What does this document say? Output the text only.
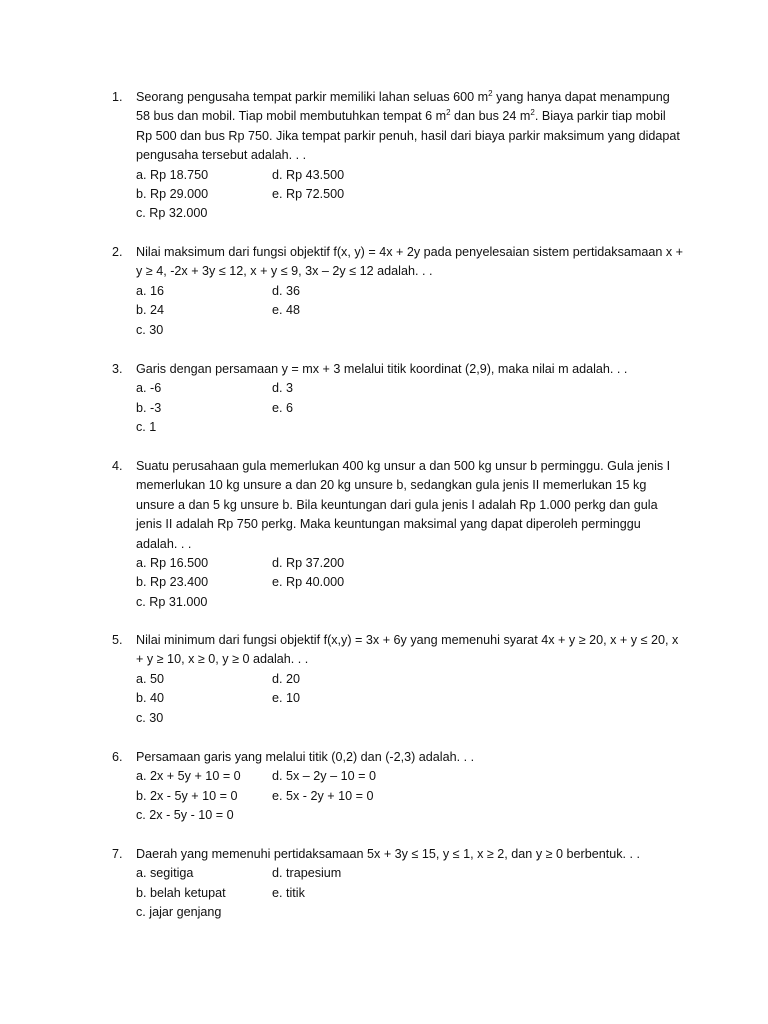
1. Seorang pengusaha tempat parkir memiliki lahan seluas 600 $m^2$ yang hanya dapat menampung 58 bus dan mobil. Tiap mobil membutuhkan tempat 6 $m^2$ dan bus 24 $m^2$. Biaya parkir tiap mobil Rp 500 dan bus Rp 750. Jika tempat parkir penuh, hasil dari biaya parkir maksimum yang didapat pengusaha tersebut adalah. . .
a. Rp 18.750	d. Rp 43.500
b. Rp 29.000	e. Rp 72.500
c. Rp 32.000
2. Nilai maksimum dari fungsi objektif f(x, y) = 4x + 2y pada penyelesaian sistem pertidaksamaan x + y ≥ 4, -2x + 3y ≤ 12, x + y ≤ 9, 3x – 2y ≤ 12 adalah. . .
a. 16	d. 36
b. 24	e. 48
c. 30
3. Garis dengan persamaan y = mx + 3 melalui titik koordinat (2,9), maka nilai m adalah. . .
a. -6	d. 3
b. -3	e. 6
c. 1
4. Suatu perusahaan gula memerlukan 400 kg unsur a dan 500 kg unsur b perminggu. Gula jenis I memerlukan 10 kg unsure a dan 20 kg unsure b, sedangkan gula jenis II memerlukan 15 kg unsure a dan 5 kg unsure b. Bila keuntungan dari gula jenis I adalah Rp 1.000 perkg dan gula jenis II adalah Rp 750 perkg. Maka keuntungan maksimal yang dapat diperoleh perminggu adalah. . .
a. Rp 16.500	d. Rp 37.200
b. Rp 23.400	e. Rp 40.000
c. Rp 31.000
5. Nilai minimum dari fungsi objektif f(x,y) = 3x + 6y yang memenuhi syarat 4x + y ≥ 20, x + y ≤ 20, x + y ≥ 10, x ≥ 0, y ≥ 0 adalah. . .
a. 50	d. 20
b. 40	e. 10
c. 30
6. Persamaan garis yang melalui titik (0,2) dan (-2,3) adalah. . .
a. 2x + 5y + 10 = 0 d. 5x – 2y – 10 = 0
b. 2x - 5y + 10 = 0	e. 5x - 2y + 10 = 0
c. 2x - 5y - 10 = 0
7. Daerah yang memenuhi pertidaksamaan 5x + 3y ≤ 15, y ≤ 1, x ≥ 2, dan y ≥ 0 berbentuk. . .
a. segitiga	d. trapesium
b. belah ketupat	e. titik
c. jajar genjang
